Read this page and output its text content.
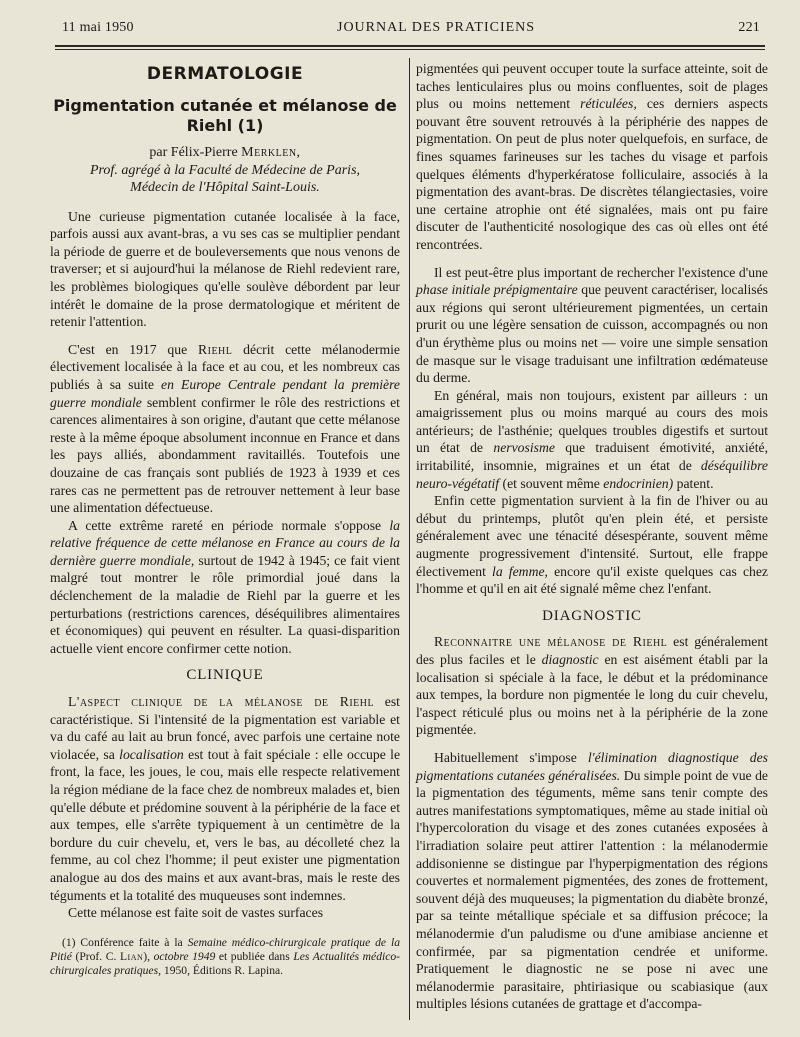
11 mai 1950	JOURNAL DES PRATICIENS	221
DERMATOLOGIE
Pigmentation cutanée et mélanose de Riehl (1)
par Félix-Pierre Merklen,
Prof. agrégé à la Faculté de Médecine de Paris,
Médecin de l'Hôpital Saint-Louis.

Une curieuse pigmentation cutanée localisée à la face, parfois aussi aux avant-bras, a vu ses cas se multiplier pendant la période de guerre et de bouleversements que nous venons de traverser; et si aujourd'hui la mélanose de Riehl redevient rare, les problèmes biologiques qu'elle soulève débordent par leur intérêt le domaine de la prose dermatologique et méritent de retenir l'attention.

C'est en 1917 que Riehl décrit cette mélanodermie électivement localisée à la face et au cou, et les nombreux cas publiés à sa suite en Europe Centrale pendant la première guerre mondiale semblent confirmer le rôle des restrictions et carences alimentaires à son origine, d'autant que cette mélanose reste à la même époque absolument inconnue en France et dans les pays alliés, abondamment ravitaillés. Toutefois une douzaine de cas français sont publiés de 1923 à 1939 et ces rares cas ne permettent pas de retrouver nettement à leur base une alimentation défectueuse.

A cette extrême rareté en période normale s'oppose la relative fréquence de cette mélanose en France au cours de la dernière guerre mondiale, surtout de 1942 à 1945; ce fait vient malgré tout montrer le rôle primordial joué dans la déclenchement de la maladie de Riehl par la guerre et les perturbations (restrictions carences, déséquilibres alimentaires et économiques) qui peuvent en résulter. La quasi-disparition actuelle vient encore confirmer cette notion.

CLINIQUE

L'aspect clinique de la mélanose de Riehl est caractéristique. Si l'intensité de la pigmentation est variable et va du café au lait au brun foncé, avec parfois une certaine note violacée, sa localisation est tout à fait spéciale : elle occupe le front, la face, les joues, le cou, mais elle respecte relativement la région médiane de la face chez de nombreux malades et, bien qu'elle débute et prédomine souvent à la périphérie de la face et aux tempes, elle s'arrête typiquement à un centimètre de la bordure du cuir chevelu, et, vers le bas, au décolleté chez la femme, au col chez l'homme; il peut exister une pigmentation analogue au dos des mains et aux avant-bras, mais le reste des téguments et la totalité des muqueuses sont indemnes.

Cette mélanose est faite soit de vastes surfaces

(1) Conférence faite à la Semaine médico-chirurgicale pratique de la Pitié (Prof. C. Lian), octobre 1949 et publiée dans Les Actualités médico-chirurgicales pratiques, 1950, Éditions R. Lapina.

pigmentées qui peuvent occuper toute la surface atteinte, soit de taches lenticulaires plus ou moins confluentes, soit de plages plus ou moins nettement réticulées, ces derniers aspects pouvant être souvent retrouvés à la périphérie des nappes de pigmentation. On peut de plus noter quelquefois, en surface, de fines squames farineuses sur les taches du visage et parfois quelques éléments d'hyperkératose folliculaire, associés à la pigmentation des avant-bras. De discrètes télangiectasies, voire une certaine atrophie ont été signalées, mais ont pu faire discuter de l'authenticité nosologique des cas où elles ont été rencontrées.

Il est peut-être plus important de rechercher l'existence d'une phase initiale prépigmentaire que peuvent caractériser, localisés aux régions qui seront ultérieurement pigmentées, un certain prurit ou une légère sensation de cuisson, accompagnés ou non d'un érythème plus ou moins net — voire une simple sensation de masque sur le visage traduisant une infiltration œdémateuse du derme.

En général, mais non toujours, existent par ailleurs : un amaigrissement plus ou moins marqué au cours des mois antérieurs; de l'asthénie; quelques troubles digestifs et surtout un état de nervosisme que traduisent émotivité, anxiété, irritabilité, insomnie, migraines et un état de déséquilibre neuro-végétatif (et souvent même endocrinien) patent.

Enfin cette pigmentation survient à la fin de l'hiver ou au début du printemps, plutôt qu'en plein été, et persiste généralement avec une ténacité désespérante, souvent même augmente progressivement d'intensité. Surtout, elle frappe électivement la femme, encore qu'il existe quelques cas chez l'homme et qu'il en ait été signalé même chez l'enfant.

DIAGNOSTIC

Reconnaitre une mélanose de Riehl est généralement des plus faciles et le diagnostic en est aisément établi par la localisation si spéciale à la face, le début et la prédominance aux tempes, la bordure non pigmentée le long du cuir chevelu, l'aspect réticulé plus ou moins net à la périphérie de la zone pigmentée.

Habituellement s'impose l'élimination diagnostique des pigmentations cutanées généralisées. Du simple point de vue de la pigmentation des téguments, même sans tenir compte des autres manifestations symptomatiques, même au stade initial où l'hypercoloration du visage et des zones cutanées exposées à l'irradiation solaire peut attirer l'attention : la mélanodermie addisonienne se distingue par l'hyperpigmentation des régions couvertes et normalement pigmentées, des zones de frottement, souvent déjà des muqueuses; la pigmentation du diabète bronzé, par sa teinte métallique spéciale et sa diffusion précoce; la mélanodermie d'un paludisme ou d'une amibiase ancienne et confirmée, par sa pigmentation cendrée et uniforme. Pratiquement le diagnostic ne se pose ni avec une mélanodermie parasitaire, phtiriasique ou scabiasique (aux multiples lésions cutanées de grattage et d'accompa-
